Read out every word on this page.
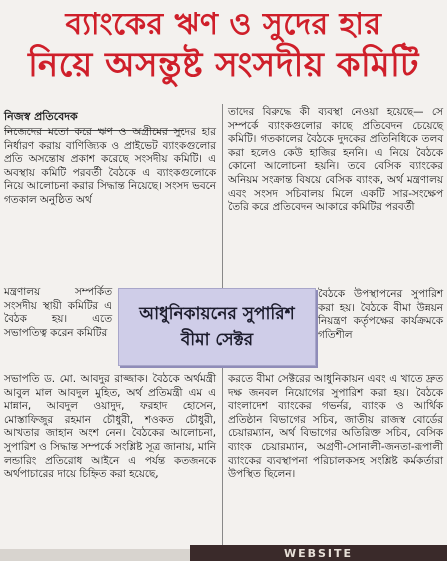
ব্যাংকের ঋণ ও সুদের হার
নিয়ে অসন্তুষ্ট সংসদীয় কমিটি
নিজস্ব প্রতিবেদক

নিজেদের মতো করে ঋণ ও অগ্রীমের সুদের হার নির্ধারণ করায় বাণিজ্যিক ও প্রাইভেট ব্যাংকগুলোর প্রতি অসন্তোষ প্রকাশ করেছে সংসদীয় কমিটি। এ অবস্থায় কমিটি পরবর্তী বৈঠকে এ ব্যাংকগুলোকে নিয়ে আলোচনা করার সিদ্ধান্ত নিয়েছে। সংসদ ভবনে গতকাল অনুষ্ঠিত অর্থ

মন্ত্রণালয় সম্পর্কিত সংসদীয় স্থায়ী কমিটির এ বৈঠক হয়। এতে সভাপতিত্ব করেন কমিটির

সভাপতি ড. মো. আবদুর রাজ্জাক। বৈঠকে অর্থমন্ত্রী আবুল মাল আবদুল মুহিত, অর্থ প্রতিমন্ত্রী এম এ মান্নান, আবদুল ওয়াদুদ, ফরহাদ হোসেন, মোস্তাফিজুর রহমান চৌধুরী, শওকত চৌধুরী, আখতার জাহান অংশ নেন। বৈঠকের আলোচনা, সুপারিশ ও সিদ্ধান্ত সম্পর্কে সংশ্লিষ্ট সূত্র জানায়, মানি লন্ডারিং প্রতিরোধ আইনে এ পর্যন্ত কতজনকে অর্থপাচারের দায়ে চিহ্নিত করা হয়েছে,

তাদের বিরুদ্ধে কী ব্যবস্থা নেওয়া হয়েছে— সে সম্পর্কে ব্যাংকগুলোর কাছে প্রতিবেদন চেয়েছে কমিটি। গতকালের বৈঠকে দুদকের প্রতিনিধিকে তলব করা হলেও কেউ হাজির হননি। এ নিয়ে বৈঠকে কোনো আলোচনা হয়নি। তবে বেসিক ব্যাংকের অনিয়ম সংক্রান্ত বিষয়ে বেসিক ব্যাংক, অর্থ মন্ত্রণালয় এবং সংসদ সচিবালয় মিলে একটি সার-সংক্ষেপ তৈরি করে প্রতিবেদন আকারে কমিটির পরবর্তী

বৈঠকে উপস্থাপনের সুপারিশ করা হয়। বৈঠকে বীমা উন্নয়ন নিয়ন্ত্রণ কর্তৃপক্ষের কার্যক্রমকে গতিশীল

করতে বীমা সেক্টরের আধুনিকায়ন এবং এ খাতে দ্রুত দক্ষ জনবল নিয়োগের সুপারিশ করা হয়। বৈঠকে বাংলাদেশ ব্যাংকের গভর্নর, ব্যাংক ও আর্থিক প্রতিষ্ঠান বিভাগের সচিব, জাতীয় রাজস্ব বোর্ডের চেয়ারম্যান, অর্থ বিভাগের অতিরিক্ত সচিব, বেসিক ব্যাংক চেয়ারম্যান, অগ্রণী-সোনালী-জনতা-রূপালী ব্যাংকের ব্যবস্থাপনা পরিচালকসহ সংশ্লিষ্ট কর্মকর্তারা উপস্থিত ছিলেন।

আধুনিকায়নের সুপারিশ
বীমা সেক্টর
WEBSITE
